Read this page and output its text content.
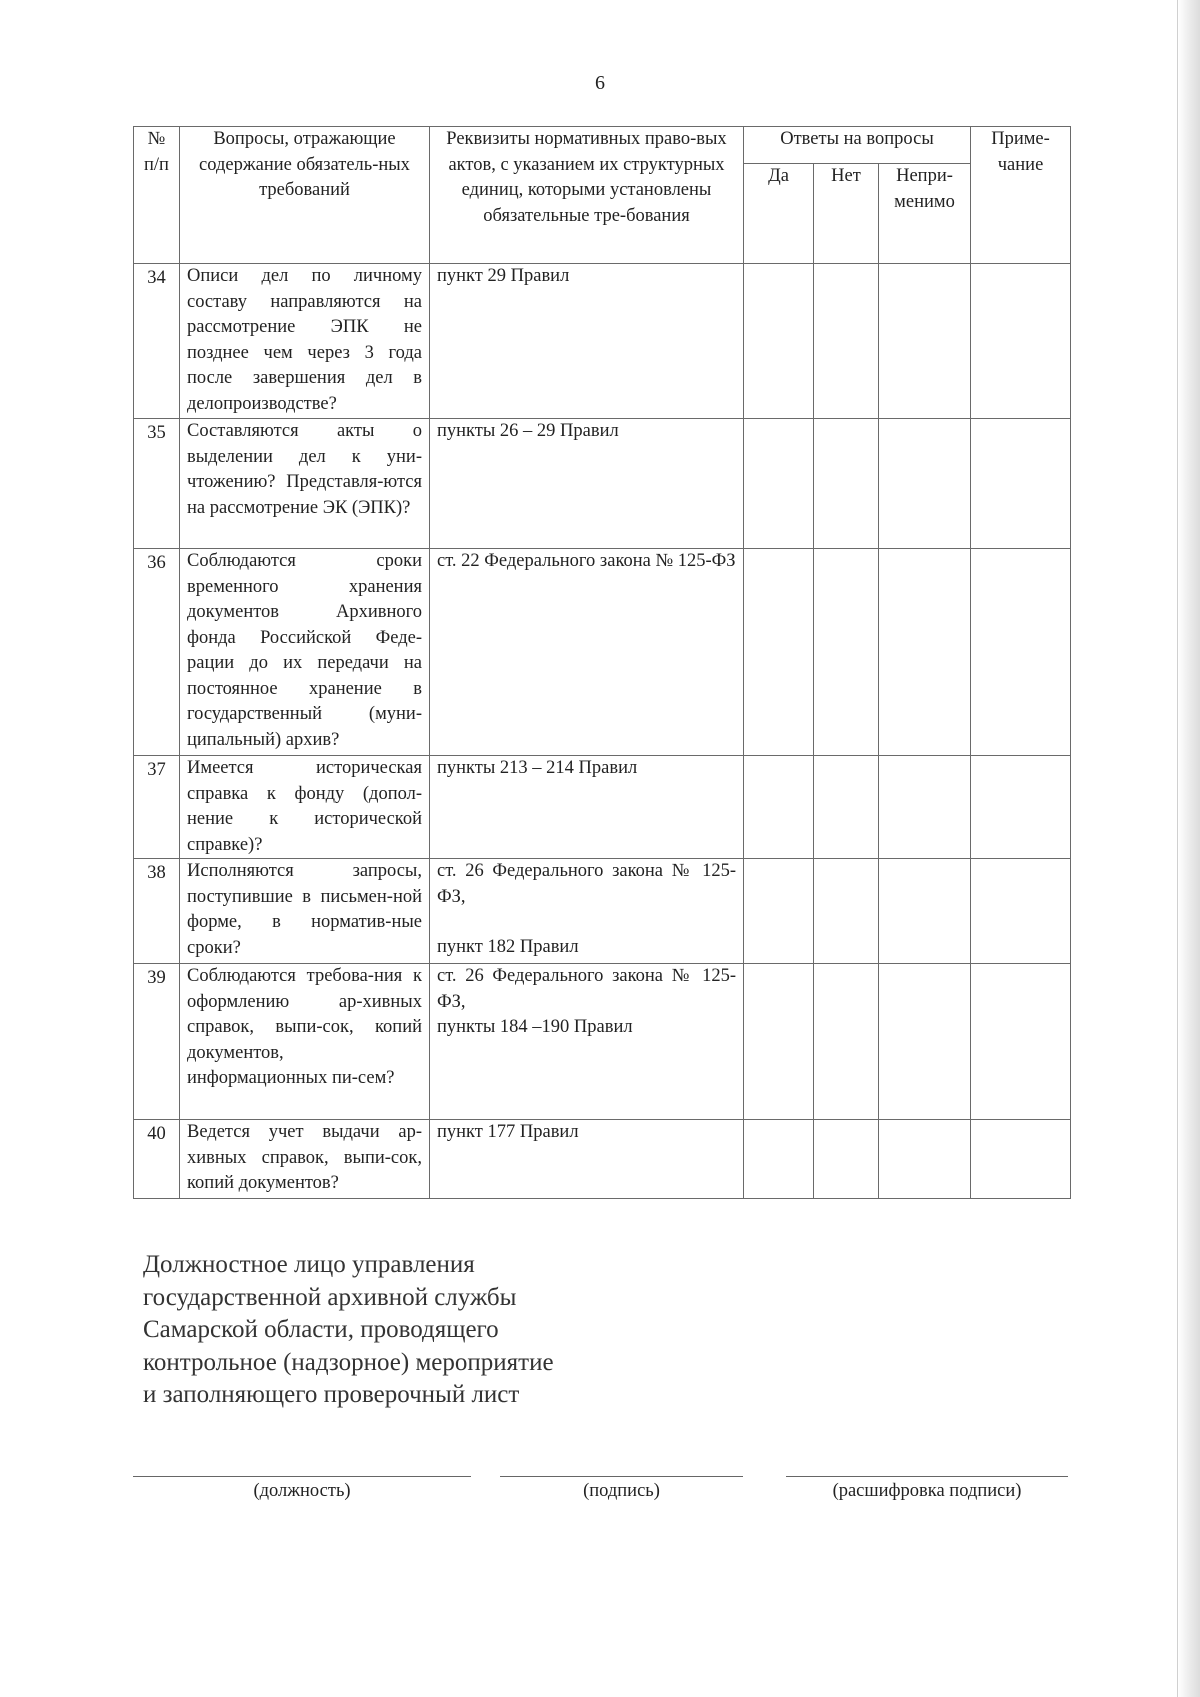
6
№ п/п	Вопросы, отражающие содержание обязатель-ных требований	Реквизиты нормативных право-вых актов, с указанием их структурных единиц, которыми установлены обязательные тре-бования	Ответы на вопросы			Приме-чание
			Да	Нет	Непри-менимо	
34	Описи дел по личному составу направляются на рассмотрение ЭПК не позднее чем через 3 года после завершения дел в делопроизводстве?	пункт 29 Правил				
35	Составляются акты о выделении дел к уни-чтожению? Представля-ются на рассмотрение ЭК (ЭПК)?	пункты 26 – 29 Правил				
36	Соблюдаются сроки временного хранения документов Архивного фонда Российской Феде-рации до их передачи на постоянное хранение в государственный (муни-ципальный) архив?	ст. 22 Федерального закона № 125-ФЗ				
37	Имеется историческая справка к фонду (допол-нение к исторической справке)?	пункты 213 – 214 Правил				
38	Исполняются запросы, поступившие в письмен-ной форме, в норматив-ные сроки?	ст. 26 Федерального закона № 125-ФЗ,
пункт 182 Правил				

39	Соблюдаются требова-ния к оформлению ар-хивных справок, выпи-сок, копий документов, информационных пи-сем?	ст. 26 Федерального закона № 125-ФЗ,
пункты 184 –190 Правил				

40	Ведется учет выдачи ар-хивных справок, выпи-сок, копий документов?	пункт 177 Правил				
Должностное лицо управления
государственной архивной службы
Самарской области, проводящего
контрольное (надзорное) мероприятие
и заполняющего проверочный лист
(должность)	(подпись)	(расшифровка подписи)
